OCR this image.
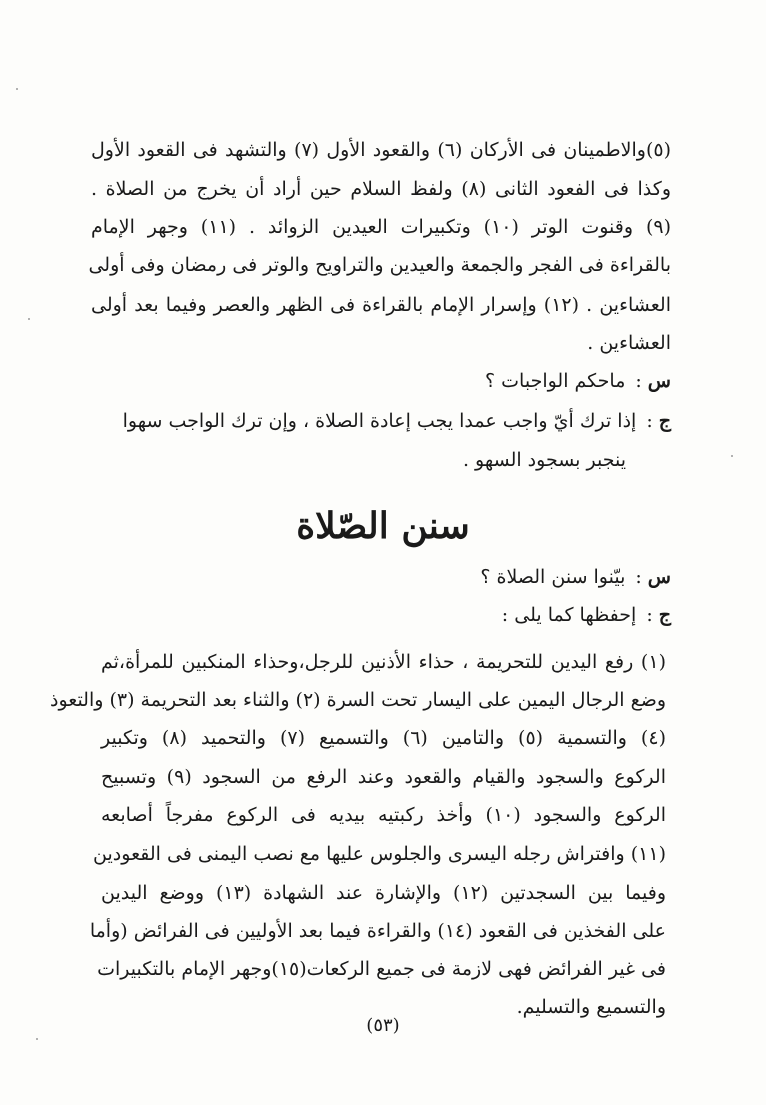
(٥)والاطمينان فى الأركان (٦) والقعود الأول (٧) والتشهد فى القعود الأول
وكذا فى الفعود الثانى (٨) ولفظ السلام حين أراد أن يخرج من الصلاة .
(٩) وقنوت الوتر (١٠) وتكبيرات العيدين الزوائد . (١١) وجهر الإمام
بالقراءة فى الفجر والجمعة والعيدين والتراويح والوتر فى رمضان وفى أولى
العشاءين . (١٢) وإسرار الإمام بالقراءة فى الظهر والعصر وفيما بعد أولى
العشاءين .
س:ماحكم الواجبات ؟
ج:إذا ترك أيّ واجب عمدا يجب إعادة الصلاة ، وإن ترك الواجب سهوا
ينجبر بسجود السهو .
سنن الصّلاة
س:بيّنوا سنن الصلاة ؟
ج:إحفظها كما يلى :
(١) رفع اليدين للتحريمة ، حذاء الأذنين للرجل،وحذاء المنكبين للمرأة،ثم
وضع الرجال اليمين على اليسار تحت السرة (٢) والثناء بعد التحريمة (٣) والتعوذ
(٤) والتسمية (٥) والتامين (٦) والتسميع (٧) والتحميد (٨) وتكبير
الركوع والسجود والقيام والقعود وعند الرفع من السجود (٩) وتسبيح
الركوع والسجود (١٠) وأخذ ركبتيه بيديه فى الركوع مفرجاً أصابعه
(١١) وافتراش رجله اليسرى والجلوس عليها مع نصب اليمنى فى القعودين
وفيما بين السجدتين (١٢) والإشارة عند الشهادة (١٣) ووضع اليدين
على الفخذين فى القعود (١٤) والقراءة فيما بعد الأوليين فى الفرائض (وأما
فى غير الفرائض فهى لازمة فى جميع الركعات(١٥)وجهر الإمام بالتكبيرات
والتسميع والتسليم.
(٥٣)
